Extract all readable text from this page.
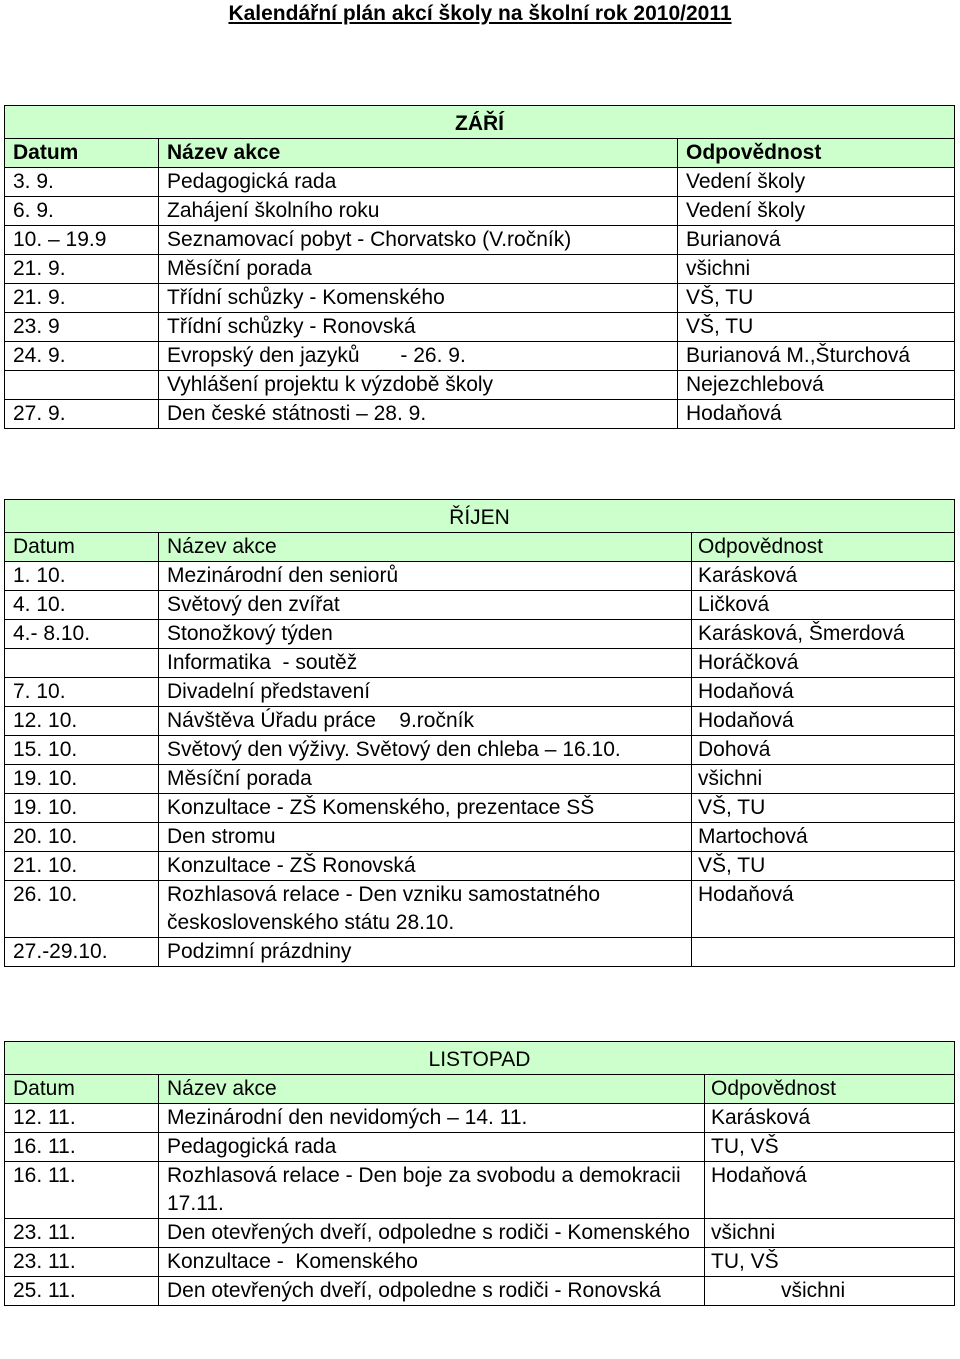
Kalendářní plán akcí školy na školní rok 2010/2011
ZÁŘÍ		
Datum	Název akce	Odpovědnost
3. 9.	Pedagogická rada	Vedení školy
6. 9.	Zahájení školního roku	Vedení školy
10. – 19.9	Seznamovací pobyt - Chorvatsko (V.ročník)	Burianová
21. 9.	Měsíční porada	všichni
21. 9.	Třídní schůzky - Komenského	VŠ, TU
23. 9	Třídní schůzky - Ronovská	VŠ, TU
24. 9.	Evropský den jazyků       - 26. 9.	Burianová M.,Šturchová
	Vyhlášení projektu k výzdobě školy	Nejezchlebová
27. 9.	Den české státnosti – 28. 9.	Hodaňová
ŘÍJEN		
Datum	Název akce	Odpovědnost
1. 10.	Mezinárodní den seniorů	Karásková
4. 10.	Světový den zvířat	Ličková
4.- 8.10.	Stonožkový týden	Karásková, Šmerdová
	Informatika  - soutěž	Horáčková
7. 10.	Divadelní představení	Hodaňová
12. 10.	Návštěva Úřadu práce    9.ročník	Hodaňová
15. 10.	Světový den výživy. Světový den chleba – 16.10.	Dohová
19. 10.	Měsíční porada	všichni
19. 10.	Konzultace - ZŠ Komenského, prezentace SŠ	VŠ, TU
20. 10.	Den stromu	Martochová
21. 10.	Konzultace - ZŠ Ronovská	VŠ, TU
26. 10.	Rozhlasová relace - Den vzniku samostatného československého státu 28.10.	Hodaňová
27.-29.10.	Podzimní prázdniny	
LISTOPAD		
Datum	Název akce	Odpovědnost
12. 11.	Mezinárodní den nevidomých – 14. 11.	Karásková
16. 11.	Pedagogická rada	TU, VŠ
16. 11.	Rozhlasová relace - Den boje za svobodu a demokracii 17.11.	Hodaňová
23. 11.	Den otevřených dveří, odpoledne s rodiči - Komenského	všichni
23. 11.	Konzultace -  Komenského	TU, VŠ
25. 11.	Den otevřených dveří, odpoledne s rodiči - Ronovská	všichni
